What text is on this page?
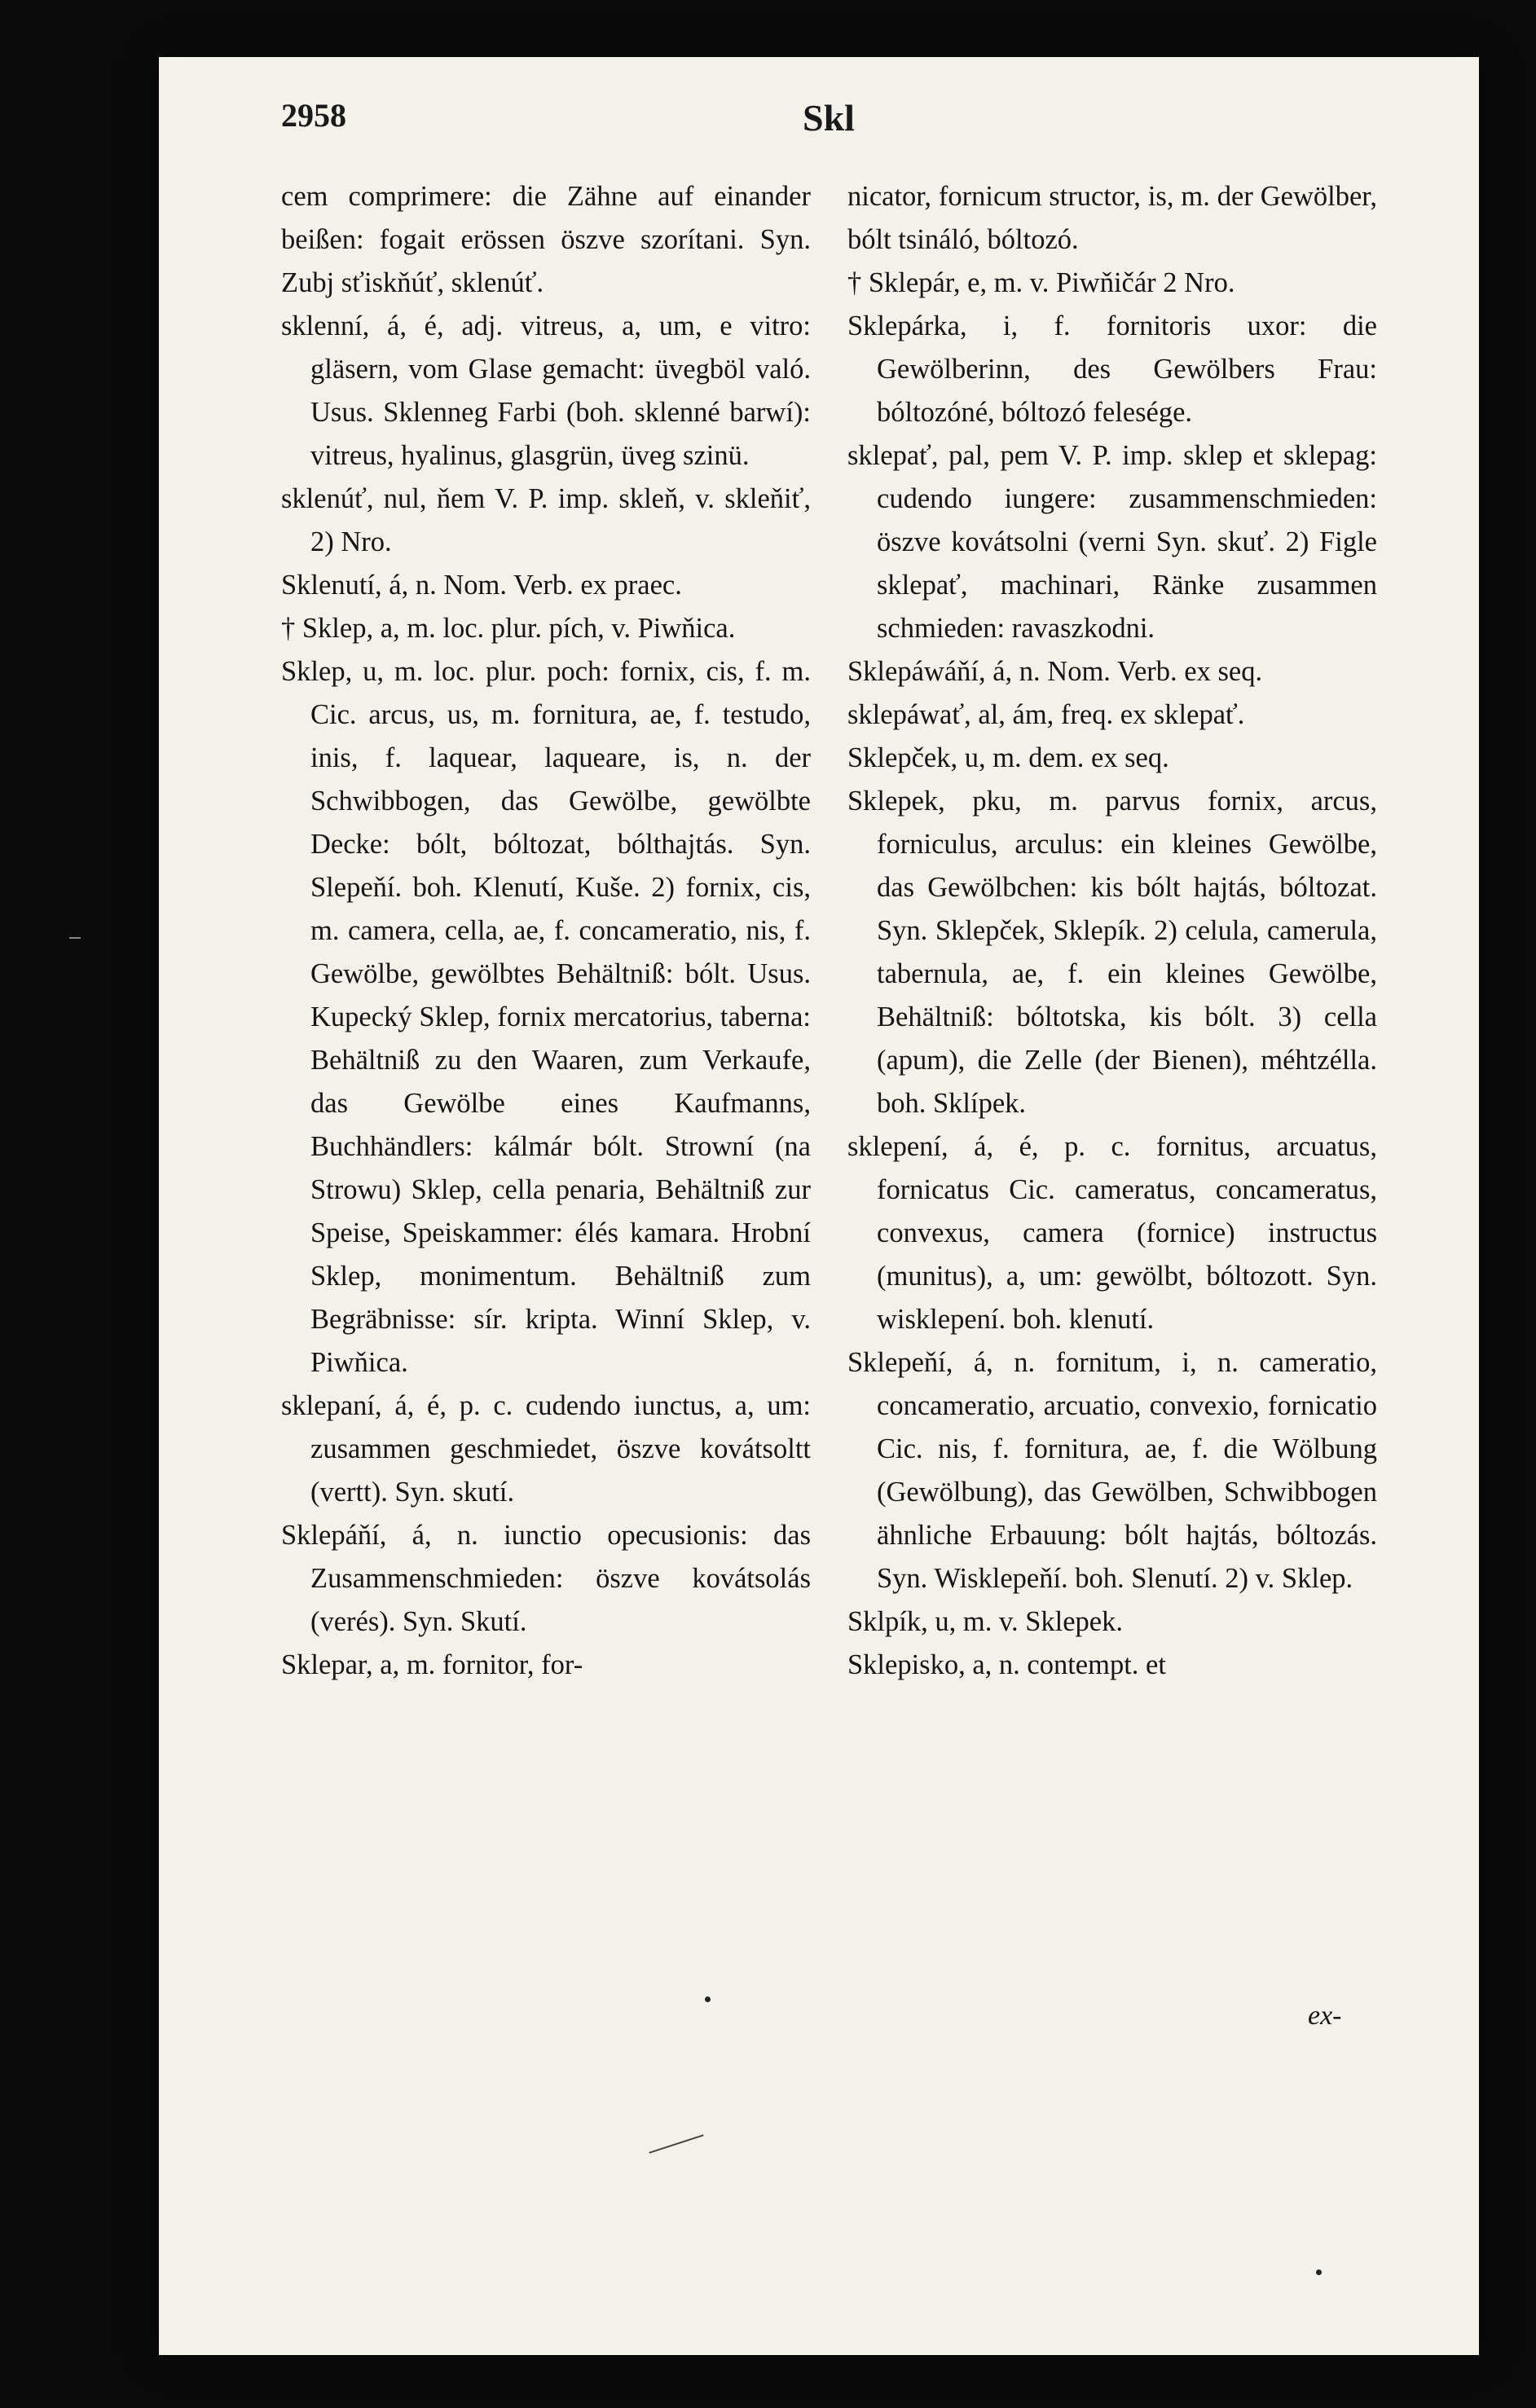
2958	Skl

cem comprimere: die Zähne auf einander beißen: fogait erössen öszve szorítani. Syn. Zubj sťiskňúť, sklenúť.

sklenní, á, é, adj. vitreus, a, um, e vitro: gläsern, vom Glase gemacht: üvegböl való. Usus. Sklenneg Farbi (boh. sklenné barwí): vitreus, hyalinus, glasgrün, üveg szinü.

sklenúť, nul, ňem V. P. imp. skleň, v. skleňiť, 2) Nro.

Sklenutí, á, n. Nom. Verb. ex praec.

† Sklep, a, m. loc. plur. pích, v. Piwňica.

Sklep, u, m. loc. plur. poch: fornix, cis, f. m. Cic. arcus, us, m. fornitura, ae, f. testudo, inis, f. laquear, laqueare, is, n. der Schwibbogen, das Gewölbe, gewölbte Decke: bólt, bóltozat, bólthajtás. Syn. Slepeňí. boh. Klenutí, Kuše. 2) fornix, cis, m. camera, cella, ae, f. concameratio, nis, f. Gewölbe, gewölbtes Behältniß: bólt. Usus. Kupecký Sklep, fornix mercatorius, taberna: Behältniß zu den Waaren, zum Verkaufe, das Gewölbe eines Kaufmanns, Buchhändlers: kálmár bólt. Strowní (na Strowu) Sklep, cella penaria, Behältniß zur Speise, Speiskammer: élés kamara. Hrobní Sklep, monimentum. Behältniß zum Begräbnisse: sír. kripta. Winní Sklep, v. Piwňica.

sklepaní, á, é, p. c. cudendo iunctus, a, um: zusammen geschmiedet, öszve kovátsoltt (vertt). Syn. skutí.

Sklepáňí, á, n. iunctio opecusionis: das Zusammenschmieden: öszve kovátsolás (verés). Syn. Skutí.

Sklepar, a, m. fornitor, for-

nicator, fornicum structor, is, m. der Gewölber, bólt tsináló, bóltozó.

† Sklepár, e, m. v. Piwňičár 2 Nro.

Sklepárka, i, f. fornitoris uxor: die Gewölberinn, des Gewölbers Frau: bóltozóné, bóltozó felesége.

sklepať, pal, pem V. P. imp. sklep et sklepag: cudendo iungere: zusammenschmieden: öszve kovátsolni (verni Syn. skuť. 2) Figle sklepať, machinari, Ränke zusammen schmieden: ravaszkodni.

Sklepáwáňí, á, n. Nom. Verb. ex seq.

sklepáwať, al, ám, freq. ex sklepať.

Sklepček, u, m. dem. ex seq.

Sklepek, pku, m. parvus fornix, arcus, forniculus, arculus: ein kleines Gewölbe, das Gewölbchen: kis bólt hajtás, bóltozat. Syn. Sklepček, Sklepík. 2) celula, camerula, tabernula, ae, f. ein kleines Gewölbe, Behältniß: bóltotska, kis bólt. 3) cella (apum), die Zelle (der Bienen), méhtzélla. boh. Sklípek.

sklepení, á, é, p. c. fornitus, arcuatus, fornicatus Cic. cameratus, concameratus, convexus, camera (fornice) instructus (munitus), a, um: gewölbt, bóltozott. Syn. wisklepení. boh. klenutí.

Sklepeňí, á, n. fornitum, i, n. cameratio, concameratio, arcuatio, convexio, fornicatio Cic. nis, f. fornitura, ae, f. die Wölbung (Gewölbung), das Gewölben, Schwibbogen ähnliche Erbauung: bólt hajtás, bóltozás. Syn. Wisklepeňí. boh. Slenutí. 2) v. Sklep.

Sklpík, u, m. v. Sklepek.

Sklepisko, a, n. contempt. et

ex-
